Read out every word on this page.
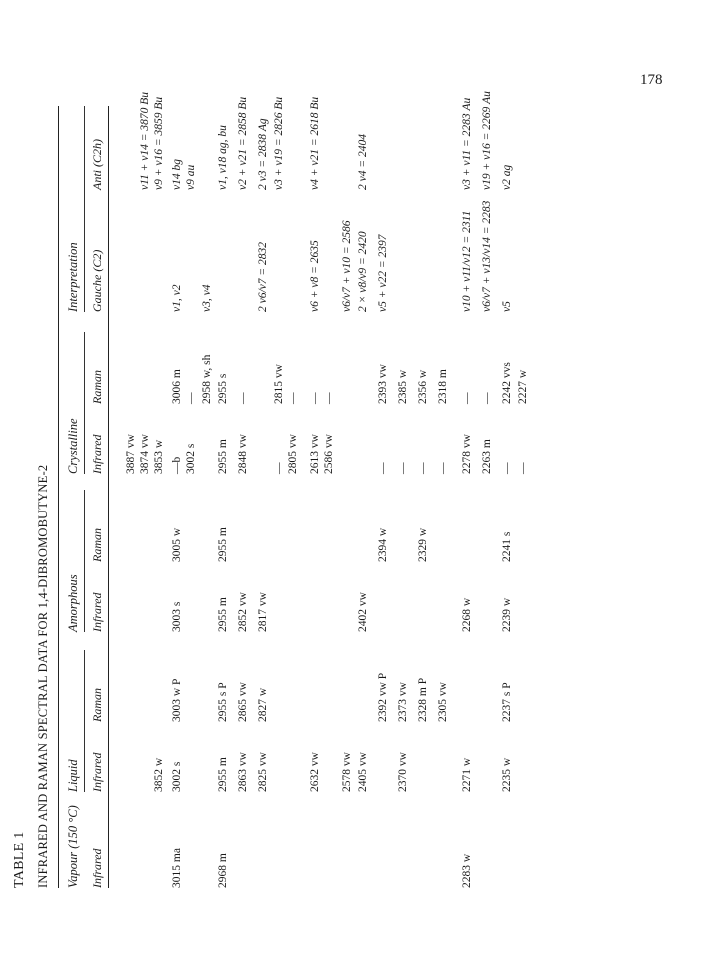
178
TABLE 1 INFRARED AND RAMAN SPECTRAL DATA FOR 1,4-DIBROMOBUTYNE-2 Vapour (150 °C)
Liquid
Amorphous
Crystalline
Interpretation
Infrared
Infrared
Raman
Infrared
Raman
Infrared
Raman
Gauche (C2)
Anti (C2h)
3887 vw 3874 vw
ν11 + ν14 = 3870 Bu
3852 w
3853 w
ν9 + ν16 = 3859 Bu
3015 ma
3002 s
3003 w P
3003 s
3005 w
—b
3006 m
ν1, ν2
ν14 bg
3002 s
—
ν9 au
2958 w, sh
ν3, ν4
2968 m
2955 m
2955 s P
2955 m
2955 m
2955 m
2955 s
ν1, ν18 ag, bu
2863 vw
2865 vw
2852 vw
2848 vw
—
ν2 + ν21 = 2858 Bu
2825 vw
2827 w
2817 vw
2 ν6/ν7 = 2832
2 ν3 = 2838 Ag
—
2815 vw
ν3 + ν19 = 2826 Bu
2805 vw
—
2632 vw
2613 vw
—
ν6 + ν8 = 2635
ν4 + ν21 = 2618 Bu
2586 vw
—
2578 vw
ν6/ν7 + ν10 = 2586
2405 vw
2402 vw
2 × ν8/ν9 = 2420
2 ν4 = 2404
2392 vw P
2394 w
—
2393 vw
ν5 + ν22 = 2397
2370 vw
2373 vw
—
2385 w
2328 m P
2329 w
—
2356 w
2305 vw
—
2318 m
2283 w
2271 w
2268 w
2278 vw
—
ν10 + ν11/ν12 = 2311
ν3 + ν11 = 2283 Au
2263 m
—
ν6/ν7 + ν13/ν14 = 2283
ν19 + ν16 = 2269 Au
2235 w
2237 s P
2239 w
2241 s
—
2242 vvs
ν5
ν2 ag
—
2227 w
